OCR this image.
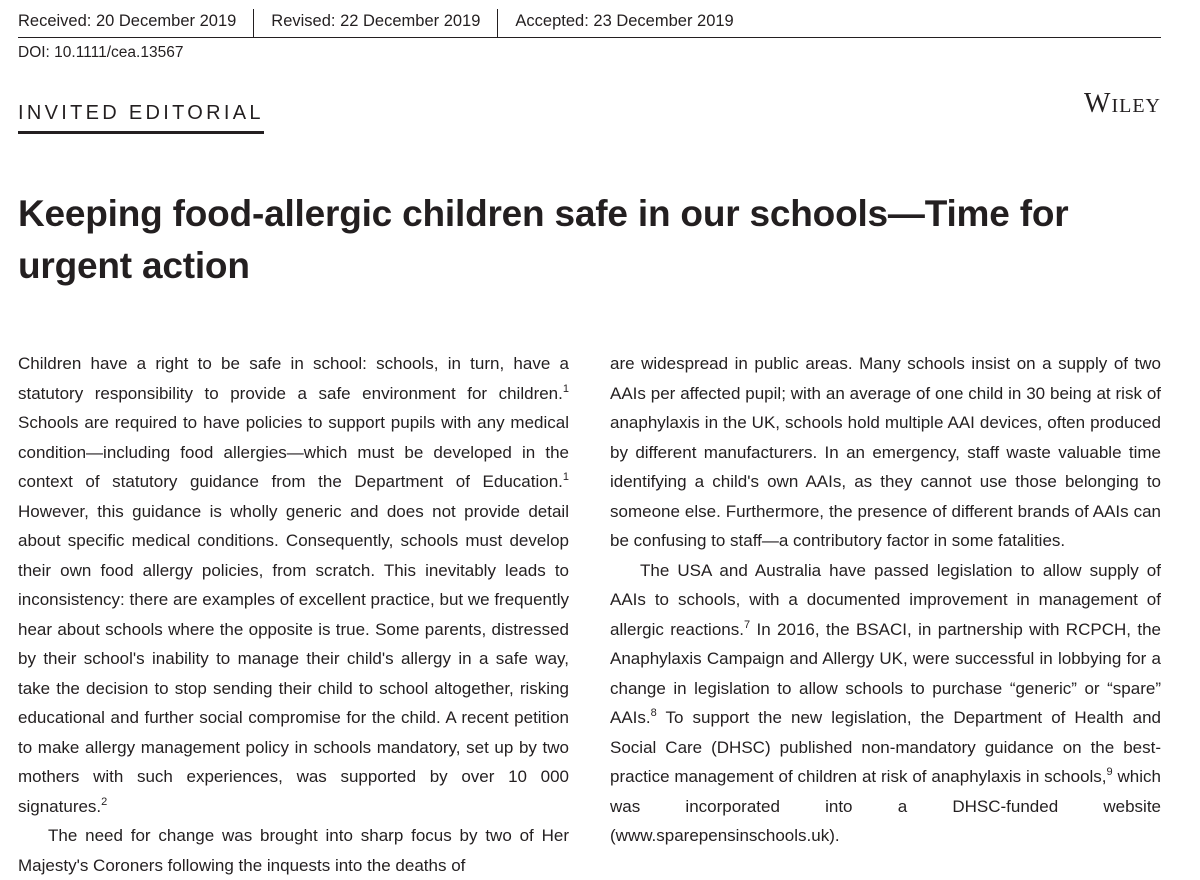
Received: 20 December 2019	Revised: 22 December 2019	Accepted: 23 December 2019
DOI: 10.1111/cea.13567
INVITED EDITORIAL	Wiley
Keeping food-allergic children safe in our schools—Time for urgent action

Children have a right to be safe in school: schools, in turn, have a statutory responsibility to provide a safe environment for children.$^1$ Schools are required to have policies to support pupils with any medical condition—including food allergies—which must be developed in the context of statutory guidance from the Department of Education.$^1$ However, this guidance is wholly generic and does not provide detail about specific medical conditions. Consequently, schools must develop their own food allergy policies, from scratch. This inevitably leads to inconsistency: there are examples of excellent practice, but we frequently hear about schools where the opposite is true. Some parents, distressed by their school's inability to manage their child's allergy in a safe way, take the decision to stop sending their child to school altogether, risking educational and further social compromise for the child. A recent petition to make allergy management policy in schools mandatory, set up by two mothers with such experiences, was supported by over 10 000 signatures.$^2$

The need for change was brought into sharp focus by two of Her Majesty's Coroners following the inquests into the deaths of

are widespread in public areas. Many schools insist on a supply of two AAIs per affected pupil; with an average of one child in 30 being at risk of anaphylaxis in the UK, schools hold multiple AAI devices, often produced by different manufacturers. In an emergency, staff waste valuable time identifying a child's own AAIs, as they cannot use those belonging to someone else. Furthermore, the presence of different brands of AAIs can be confusing to staff—a contributory factor in some fatalities.

The USA and Australia have passed legislation to allow supply of AAIs to schools, with a documented improvement in management of allergic reactions.$^7$ In 2016, the BSACI, in partnership with RCPCH, the Anaphylaxis Campaign and Allergy UK, were successful in lobbying for a change in legislation to allow schools to purchase “generic” or “spare” AAIs.$^8$ To support the new legislation, the Department of Health and Social Care (DHSC) published non-mandatory guidance on the best-practice management of children at risk of anaphylaxis in schools,$^9$ which was incorporated into a DHSC-funded website (www.sparepensinschools.uk).
